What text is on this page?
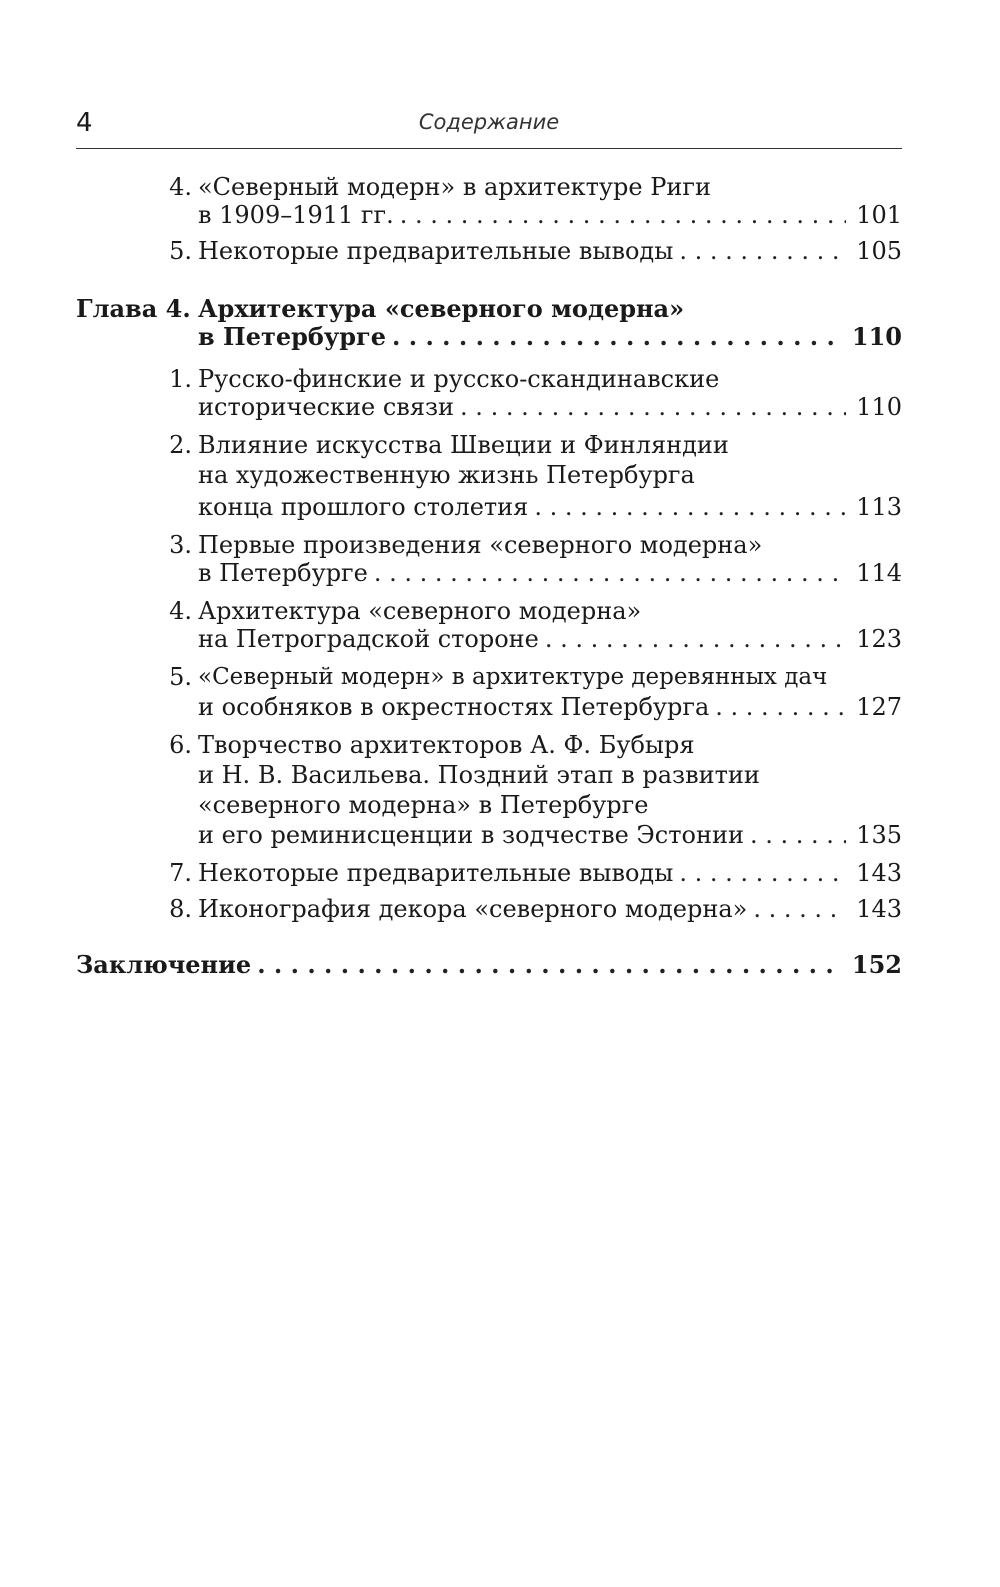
4	Содержание
4. «Северный модерн» в архитектуре Риги
в 1909–1911 гг. . . .	101
5. Некоторые предварительные выводы . . .	105
Глава 4. Архитектура «северного модерна»
в Петербурге . . .	110
1. Русско-финские и русско-скандинавские
исторические связи . . .	110
2. Влияние искусства Швеции и Финляндии
на художественную жизнь Петербурга
конца прошлого столетия . . .	113
3. Первые произведения «северного модерна»
в Петербурге . . .	114
4. Архитектура «северного модерна»
на Петроградской стороне . . .	123
5. «Северный модерн» в архитектуре деревянных дач
и особняков в окрестностях Петербурга . . .	127
6. Творчество архитекторов А. Ф. Бубыря
и Н. В. Васильева. Поздний этап в развитии
«северного модерна» в Петербурге
и его реминисценции в зодчестве Эстонии . . .	135
7. Некоторые предварительные выводы . . .	143
8. Иконография декора «северного модерна» . . .	143
Заключение . . .	152
